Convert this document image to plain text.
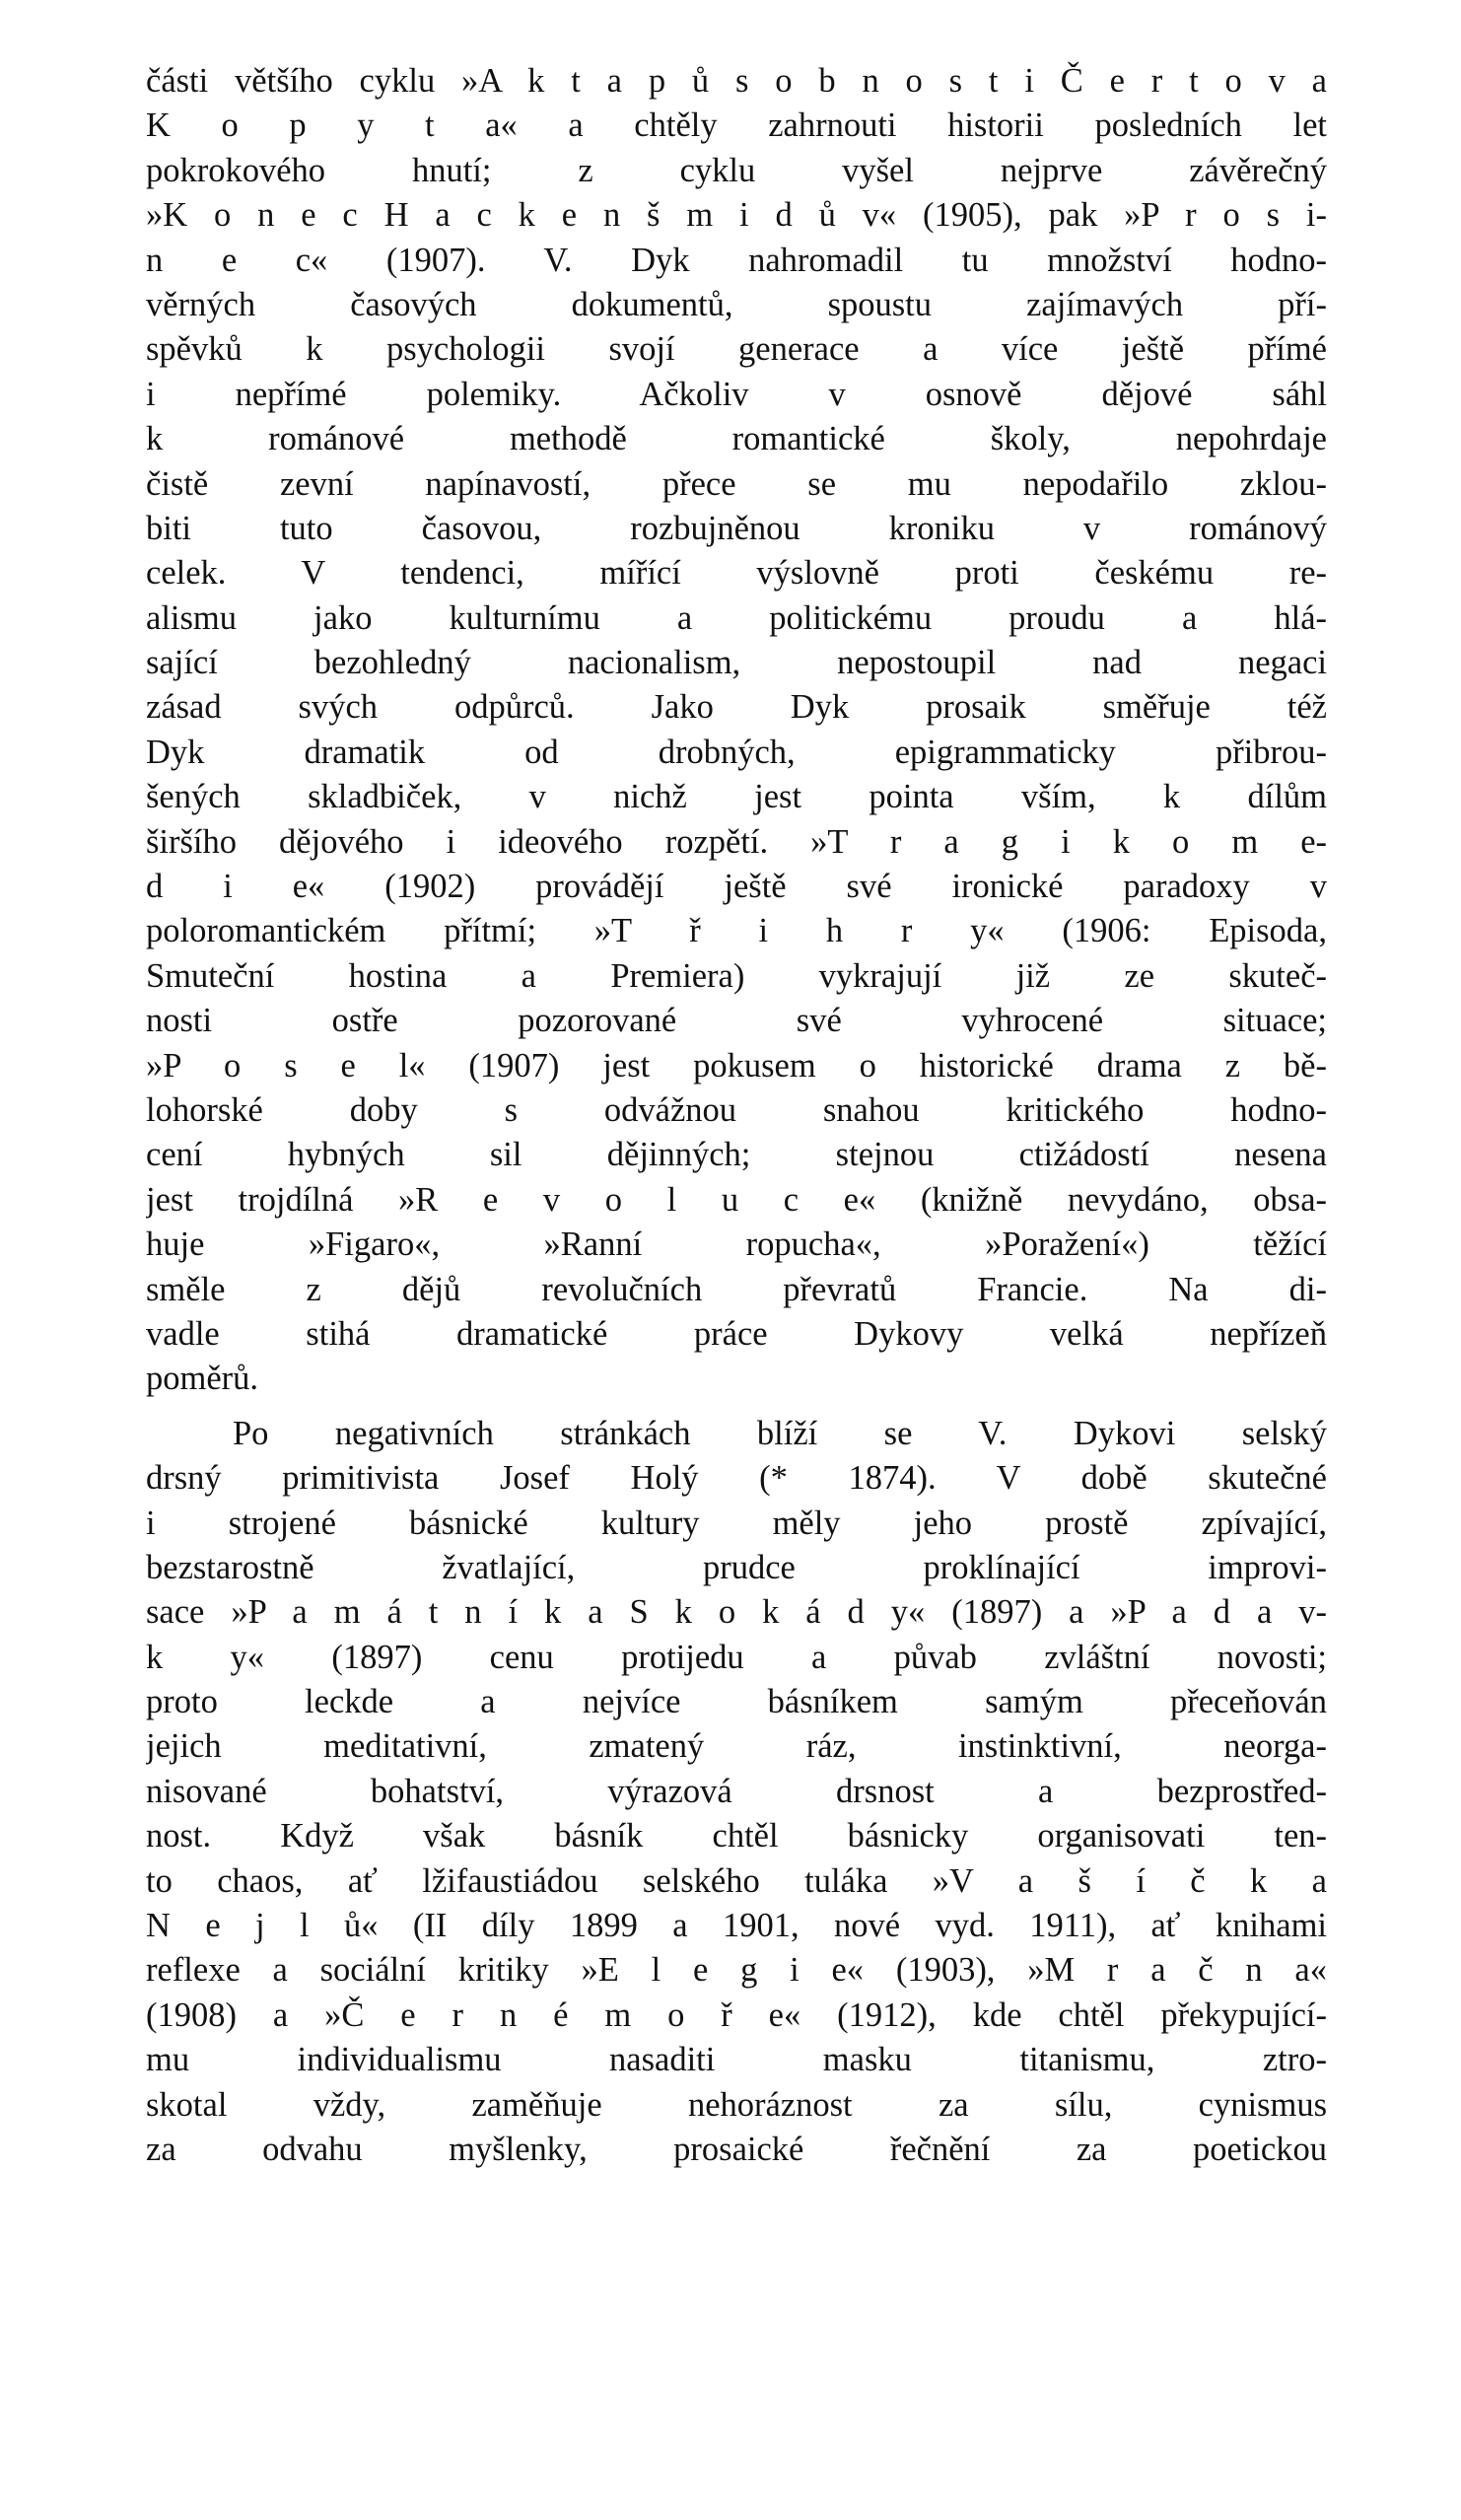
části většího cyklu »A k t a p ů s o b n o s t i Č e r t o v a
K o p y t a« a chtěly zahrnouti historii posledních let
pokrokového hnutí; z cyklu vyšel nejprve závěrečný
»K o n e c H a c k e n š m i d ů v« (1905), pak »P r o s i-
n e c« (1907). V. Dyk nahromadil tu množství hodno-
věrných časových dokumentů, spoustu zajímavých pří-
spěvků k psychologii svojí generace a více ještě přímé
i nepřímé polemiky. Ačkoliv v osnově dějové sáhl
k románové methodě romantické školy, nepohrdaje
čistě zevní napínavostí, přece se mu nepodařilo zklou-
biti tuto časovou, rozbujněnou kroniku v románový
celek. V tendenci, mířící výslovně proti českému re-
alismu jako kulturnímu a politickému proudu a hlá-
sající bezohledný nacionalism, nepostoupil nad negaci
zásad svých odpůrců. Jako Dyk prosaik směřuje též
Dyk dramatik od drobných, epigrammaticky přibrou-
šených skladbiček, v nichž jest pointa vším, k dílům
širšího dějového i ideového rozpětí. »T r a g i k o m e-
d i e« (1902) provádějí ještě své ironické paradoxy v
poloromantickém přítmí; »T ř i h r y« (1906: Episoda,
Smuteční hostina a Premiera) vykrajují již ze skuteč-
nosti ostře pozorované své vyhrocené situace;
»P o s e l« (1907) jest pokusem o historické drama z bě-
lohorské doby s odvážnou snahou kritického hodno-
cení hybných sil dějinných; stejnou ctižádostí nesena
jest trojdílná »R e v o l u c e« (knižně nevydáno, obsa-
huje »Figaro«, »Ranní ropucha«, »Poražení«) těžící
směle z dějů revolučních převratů Francie. Na di-
vadle stihá dramatické práce Dykovy velká nepřízeň
poměrů.
Po negativních stránkách blíží se V. Dykovi selský
drsný primitivista Josef Holý (* 1874). V době skutečné
i strojené básnické kultury měly jeho prostě zpívající,
bezstarostně žvatlající, prudce proklínající improvi-
sace »P a m á t n í k a S k o k á d y« (1897) a »P a d a v-
k y« (1897) cenu protijedu a půvab zvláštní novosti;
proto leckde a nejvíce básníkem samým přeceňován
jejich meditativní, zmatený ráz, instinktivní, neorga-
nisované bohatství, výrazová drsnost a bezprostřed-
nost. Když však básník chtěl básnicky organisovati ten-
to chaos, ať lžifaustiádou selského tuláka »V a š í č k a
N e j l ů« (II díly 1899 a 1901, nové vyd. 1911), ať knihami
reflexe a sociální kritiky »E l e g i e« (1903), »M r a č n a«
(1908) a »Č e r n é m o ř e« (1912), kde chtěl překypující-
mu individualismu nasaditi masku titanismu, ztro-
skotal vždy, zaměňuje nehoráznost za sílu, cynismus
za odvahu myšlenky, prosaické řečnění za poetickou
